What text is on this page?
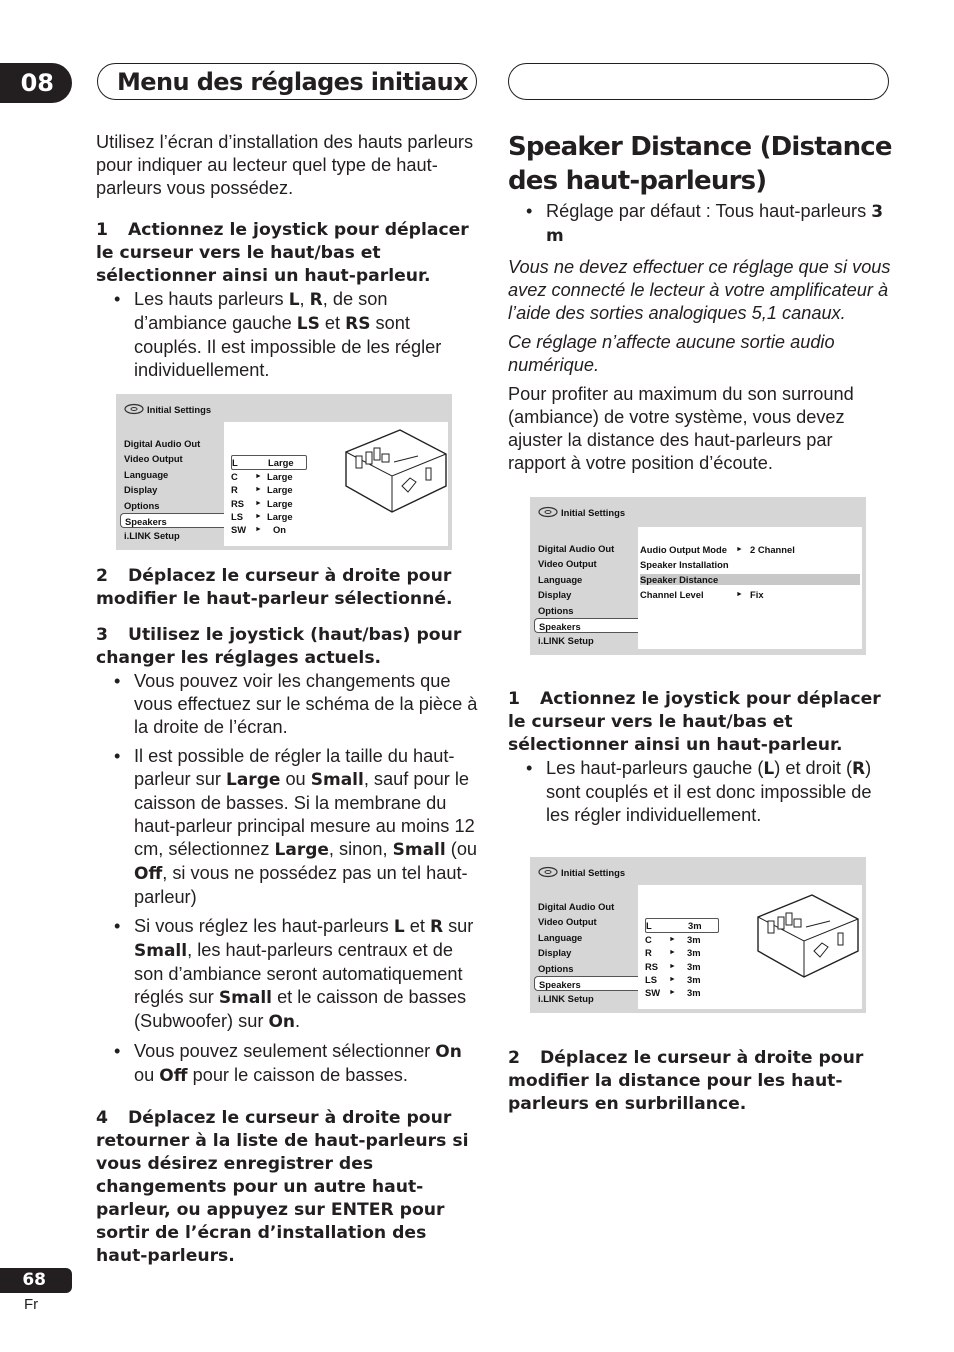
08	Menu des réglages initiaux

Utilisez l’écran d’installation des hauts parleurs pour indiquer au lecteur quel type de haut-parleurs vous possédez.

1 Actionnez le joystick pour déplacer le curseur vers le haut/bas et sélectionner ainsi un haut-parleur.

• Les hauts parleurs L, R, de son d’ambiance gauche LS et RS sont couplés. Il est impossible de les régler individuellement.

Initial Settings
Digital Audio Out
Video Output
Language
Display
Options
Speakers
i.LINK Setup
L	Large
C	► Large
R	► Large
RS	► Large
LS	► Large
SW	►	On

2 Déplacez le curseur à droite pour modifier le haut-parleur sélectionné.

3 Utilisez le joystick (haut/bas) pour changer les réglages actuels.

• Vous pouvez voir les changements que vous effectuez sur le schéma de la pièce à la droite de l’écran.

• Il est possible de régler la taille du haut-parleur sur Large ou Small, sauf pour le caisson de basses. Si la membrane du haut-parleur principal mesure au moins 12 cm, sélectionnez Large, sinon, Small (ou Off, si vous ne possédez pas un tel haut-parleur)

• Si vous réglez les haut-parleurs L et R sur Small, les haut-parleurs centraux et de son d’ambiance seront automatiquement réglés sur Small et le caisson de basses (Subwoofer) sur On.

• Vous pouvez seulement sélectionner On ou Off pour le caisson de basses.

4 Déplacez le curseur à droite pour retourner à la liste de haut-parleurs si vous désirez enregistrer des changements pour un autre haut-parleur, ou appuyez sur ENTER pour sortir de l’écran d’installation des haut-parleurs.

Speaker Distance (Distance des haut-parleurs)

• Réglage par défaut : Tous haut-parleurs 3 m

Vous ne devez effectuer ce réglage que si vous avez connecté le lecteur à votre amplificateur à l’aide des sorties analogiques 5,1 canaux.

Ce réglage n’affecte aucune sortie audio numérique.

Pour profiter au maximum du son surround (ambiance) de votre système, vous devez ajuster la distance des haut-parleurs par rapport à votre position d’écoute.

Initial Settings
Digital Audio Out
Video Output
Language
Display
Options
Speakers
i.LINK Setup
Audio Output Mode	► 2 Channel
Speaker Installation
Speaker Distance
Channel Level	► Fix

1 Actionnez le joystick pour déplacer le curseur vers le haut/bas et sélectionner ainsi un haut-parleur.

• Les haut-parleurs gauche (L) et droit (R) sont couplés et il est donc impossible de les régler individuellement.

Initial Settings
Digital Audio Out
Video Output
Language
Display
Options
Speakers
i.LINK Setup
L	3m
C	►	3m
R	►	3m
RS	►	3m
LS	►	3m
SW	►	3m

2 Déplacez le curseur à droite pour modifier la distance pour les haut-parleurs en surbrillance.

68
Fr
